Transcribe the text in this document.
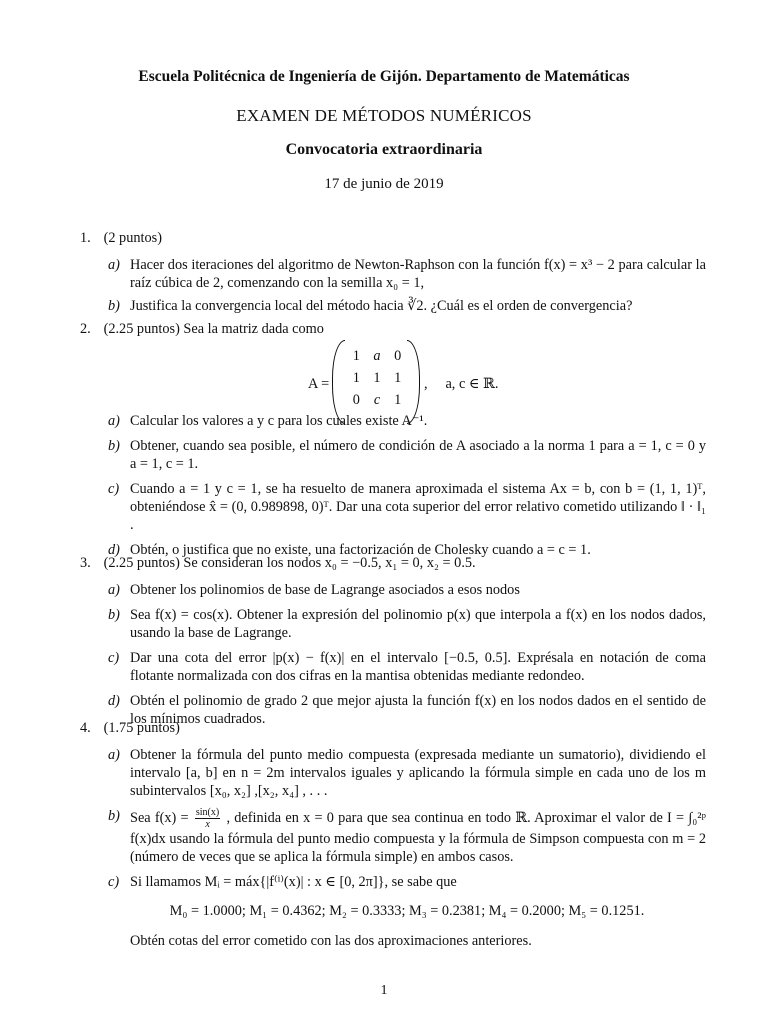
Escuela Politécnica de Ingeniería de Gijón. Departamento de Matemáticas
EXAMEN DE MÉTODOS NUMÉRICOS
Convocatoria extraordinaria
17 de junio de 2019

1. (2 puntos)

a) Hacer dos iteraciones del algoritmo de Newton-Raphson con la función f(x) = x³ − 2 para calcular la raíz cúbica de 2, comenzando con la semilla x₀ = 1,

b) Justifica la convergencia local del método hacia ∛2. ¿Cuál es el orden de convergencia?

2. (2.25 puntos) Sea la matriz dada como

A =
1 a 0
1 1 1
0 c 1
,     a, c ∈ ℝ.
a) Calcular los valores a y c para los cuales existe A⁻¹.

b) Obtener, cuando sea posible, el número de condición de A asociado a la norma 1 para a = 1, c = 0 y a = 1, c = 1.

c) Cuando a = 1 y c = 1, se ha resuelto de manera aproximada el sistema Ax = b, con b = (1, 1, 1)ᵀ, obteniéndose x̂ = (0, 0.989898, 0)ᵀ. Dar una cota superior del error relativo cometido utilizando ‖ · ‖₁ .

d) Obtén, o justifica que no existe, una factorización de Cholesky cuando a = c = 1.

3. (2.25 puntos) Se consideran los nodos x₀ = −0.5, x₁ = 0, x₂ = 0.5.

a) Obtener los polinomios de base de Lagrange asociados a esos nodos

b) Sea f(x) = cos(x). Obtener la expresión del polinomio p(x) que interpola a f(x) en los nodos dados, usando la base de Lagrange.

c) Dar una cota del error |p(x) − f(x)| en el intervalo [−0.5, 0.5]. Exprésala en notación de coma flotante normalizada con dos cifras en la mantisa obtenidas mediante redondeo.

d) Obtén el polinomio de grado 2 que mejor ajusta la función f(x) en los nodos dados en el sentido de los mínimos cuadrados.

4. (1.75 puntos)

a) Obtener la fórmula del punto medio compuesta (expresada mediante un sumatorio), dividiendo el intervalo [a, b] en n = 2m intervalos iguales y aplicando la fórmula simple en cada uno de los m subintervalos [x₀, x₂] ,[x₂, x₄] , . . .

b) Sea $f(x) = \frac{\sin(x)}{x}$ , definida en x = 0 para que sea continua en todo ℝ. Aproximar el valor de I = ∫₀²ᵖ f(x)dx usando la fórmula del punto medio compuesta y la fórmula de Simpson compuesta con m = 2 (número de veces que se aplica la fórmula simple) en ambos casos.

c) Si llamamos Mᵢ = máx{|f⁽ⁱ⁾(x)| : x ∈ [0, 2π]}, se sabe que
M₀ = 1.0000; M₁ = 0.4362; M₂ = 0.3333; M₃ = 0.2381; M₄ = 0.2000; M₅ = 0.1251.
Obtén cotas del error cometido con las dos aproximaciones anteriores.

1
